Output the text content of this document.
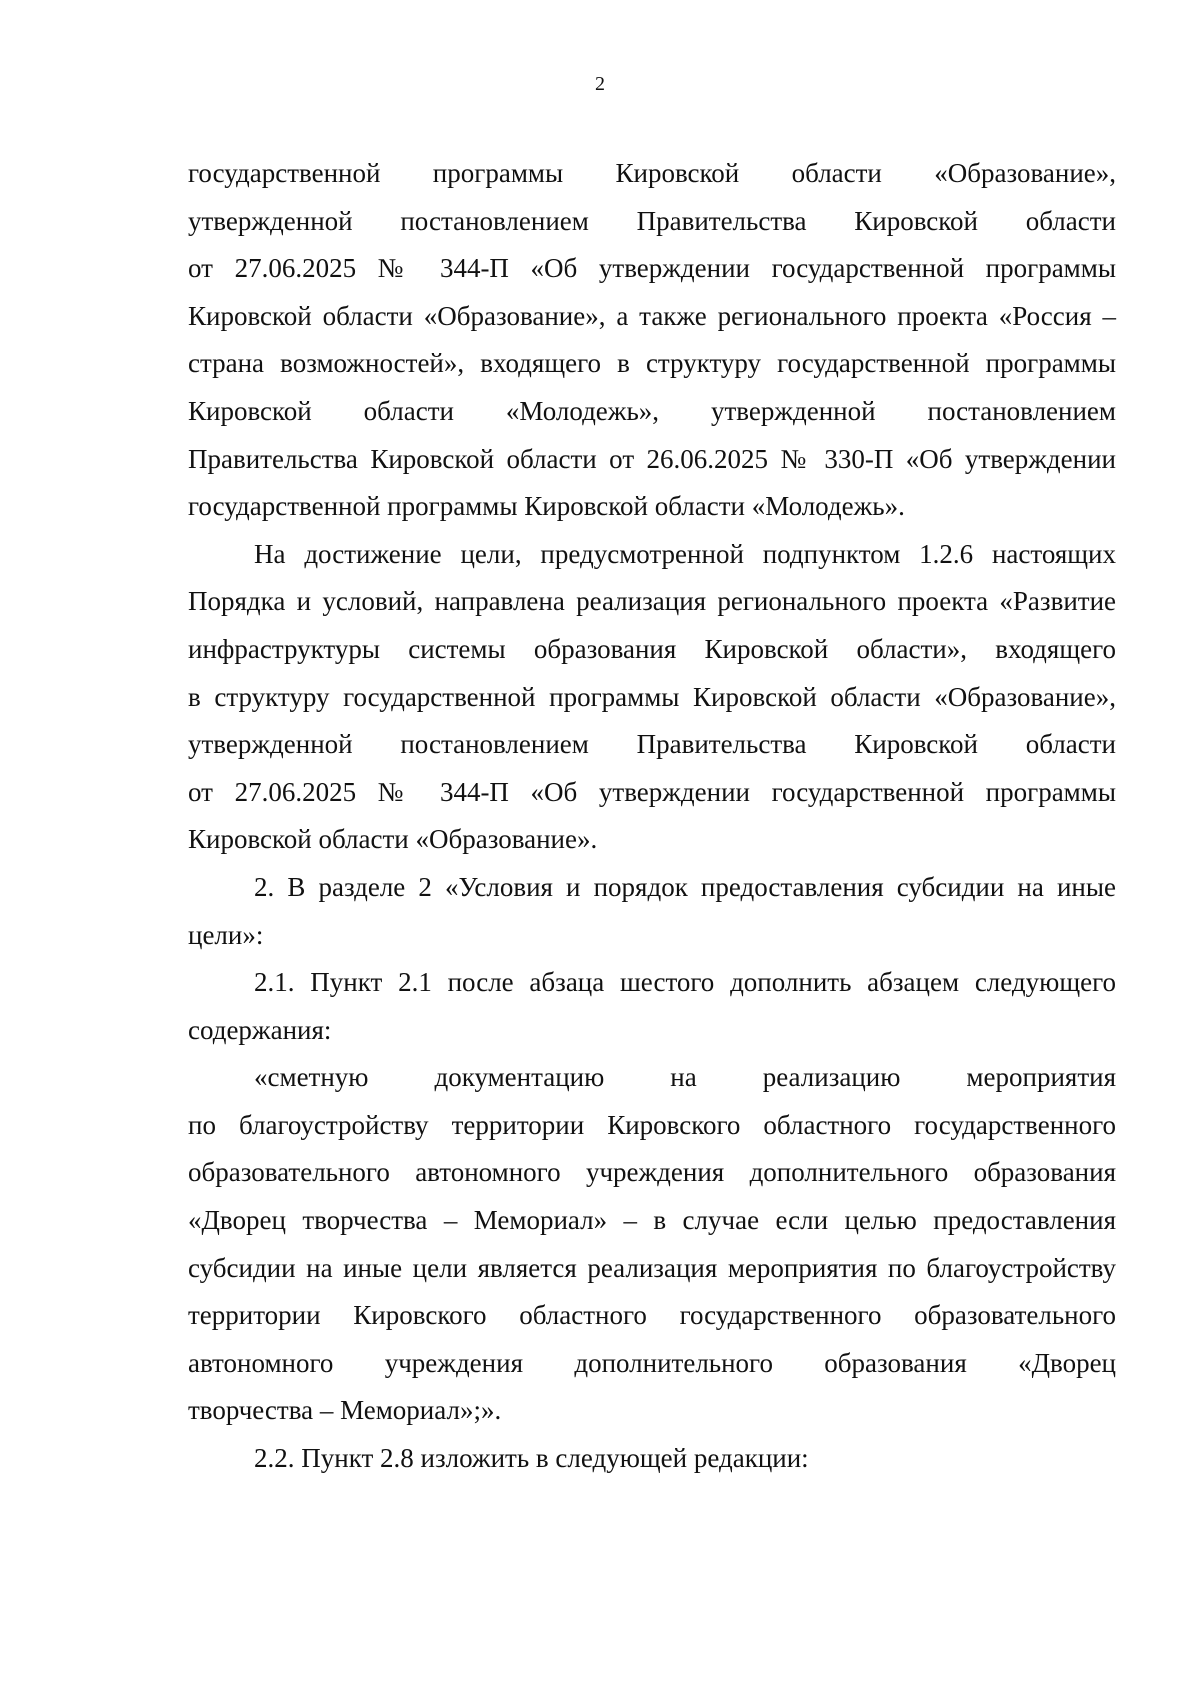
2
государственной программы Кировской области «Образование»,
утвержденной постановлением Правительства Кировской области
от 27.06.2025 № 344-П «Об утверждении государственной программы
Кировской области «Образование», а также регионального проекта «Россия –
страна возможностей», входящего в структуру государственной программы
Кировской области «Молодежь», утвержденной постановлением
Правительства Кировской области от 26.06.2025 № 330-П «Об утверждении
государственной программы Кировской области «Молодежь».
На достижение цели, предусмотренной подпунктом 1.2.6 настоящих
Порядка и условий, направлена реализация регионального проекта «Развитие
инфраструктуры системы образования Кировской области», входящего
в структуру государственной программы Кировской области «Образование»,
утвержденной постановлением Правительства Кировской области
от 27.06.2025 № 344-П «Об утверждении государственной программы
Кировской области «Образование».
2. В разделе 2 «Условия и порядок предоставления субсидии на иные
цели»:
2.1. Пункт 2.1 после абзаца шестого дополнить абзацем следующего
содержания:
«сметную документацию на реализацию мероприятия
по благоустройству территории Кировского областного государственного
образовательного автономного учреждения дополнительного образования
«Дворец творчества – Мемориал» – в случае если целью предоставления
субсидии на иные цели является реализация мероприятия по благоустройству
территории Кировского областного государственного образовательного
автономного учреждения дополнительного образования «Дворец
творчества – Мемориал»;».
2.2. Пункт 2.8 изложить в следующей редакции:
